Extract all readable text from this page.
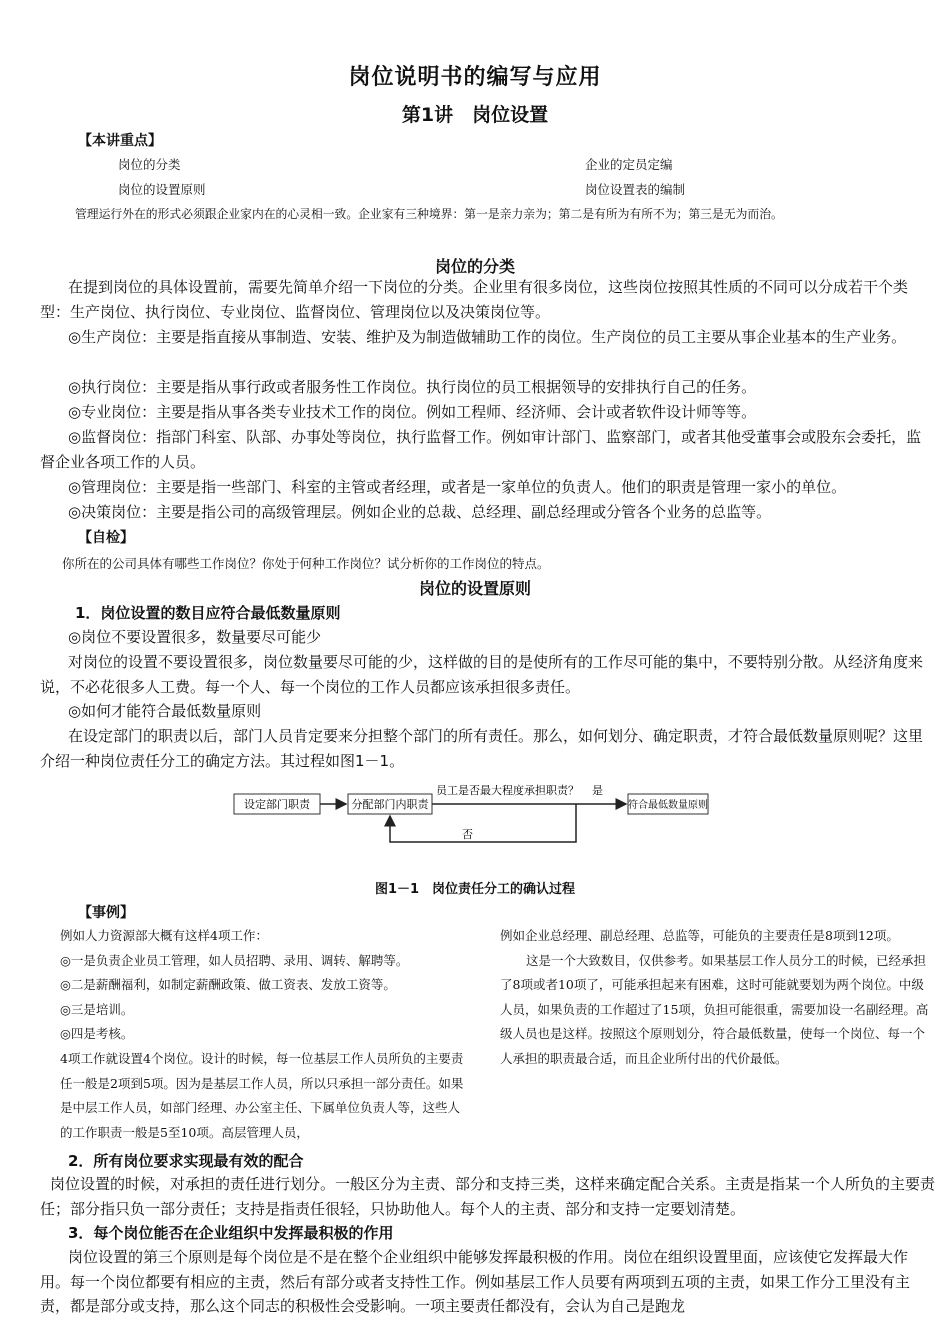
岗位说明书的编写与应用
第1讲　岗位设置
【本讲重点】
岗位的分类	企业的定员定编
岗位的设置原则	岗位设置表的编制
管理运行外在的形式必须跟企业家内在的心灵相一致。企业家有三种境界：第一是亲力亲为；第二是有所为有所不为；第三是无为而治。
岗位的分类
在提到岗位的具体设置前，需要先简单介绍一下岗位的分类。企业里有很多岗位，这些岗位按照其性质的不同可以分成若干个类型：生产岗位、执行岗位、专业岗位、监督岗位、管理岗位以及决策岗位等。
◎生产岗位：主要是指直接从事制造、安装、维护及为制造做辅助工作的岗位。生产岗位的员工主要从事企业基本的生产业务。
◎执行岗位：主要是指从事行政或者服务性工作岗位。执行岗位的员工根据领导的安排执行自己的任务。
◎专业岗位：主要是指从事各类专业技术工作的岗位。例如工程师、经济师、会计或者软件设计师等等。
◎监督岗位：指部门科室、队部、办事处等岗位，执行监督工作。例如审计部门、监察部门，或者其他受董事会或股东会委托，监督企业各项工作的人员。
◎管理岗位：主要是指一些部门、科室的主管或者经理，或者是一家单位的负责人。他们的职责是管理一家小的单位。
◎决策岗位：主要是指公司的高级管理层。例如企业的总裁、总经理、副总经理或分管各个业务的总监等。
【自检】
你所在的公司具体有哪些工作岗位？你处于何种工作岗位？试分析你的工作岗位的特点。
岗位的设置原则
1．岗位设置的数目应符合最低数量原则
◎岗位不要设置很多，数量要尽可能少
对岗位的设置不要设置很多，岗位数量要尽可能的少，这样做的目的是使所有的工作尽可能的集中，不要特别分散。从经济角度来说，不必花很多人工费。每一个人、每一个岗位的工作人员都应该承担很多责任。
◎如何才能符合最低数量原则
在设定部门的职责以后，部门人员肯定要来分担整个部门的所有责任。那么，如何划分、确定职责，才符合最低数量原则呢？这里介绍一种岗位责任分工的确定方法。其过程如图1－1。
设定部门职责	分配部门内职责
员工是否最大程度承担职责？ 是
符合最低数量原则
否
图1－1　岗位责任分工的确认过程
【事例】
例如人力资源部大概有这样4项工作：
◎一是负责企业员工管理，如人员招聘、录用、调转、解聘等。
◎二是薪酬福利，如制定薪酬政策、做工资表、发放工资等。
◎三是培训。
◎四是考核。
4项工作就设置4个岗位。设计的时候，每一位基层工作人员所负的主要责任一般是2项到5项。因为是基层工作人员，所以只承担一部分责任。如果是中层工作人员，如部门经理、办公室主任、下属单位负责人等，这些人的工作职责一般是5至10项。高层管理人员，
例如企业总经理、副总经理、总监等，可能负的主要责任是8项到12项。
这是一个大致数目，仅供参考。如果基层工作人员分工的时候，已经承担了8项或者10项了，可能承担起来有困难，这时可能就要划为两个岗位。中级人员，如果负责的工作超过了15项，负担可能很重，需要加设一名副经理。高级人员也是这样。按照这个原则划分，符合最低数量，使每一个岗位、每一个人承担的职责最合适，而且企业所付出的代价最低。
2．所有岗位要求实现最有效的配合
岗位设置的时候，对承担的责任进行划分。一般区分为主责、部分和支持三类，这样来确定配合关系。主责是指某一个人所负的主要责任；部分指只负一部分责任；支持是指责任很轻，只协助他人。每个人的主责、部分和支持一定要划清楚。
3．每个岗位能否在企业组织中发挥最积极的作用
岗位设置的第三个原则是每个岗位是不是在整个企业组织中能够发挥最积极的作用。岗位在组织设置里面，应该使它发挥最大作用。每一个岗位都要有相应的主责，然后有部分或者支持性工作。例如基层工作人员要有两项到五项的主责，如果工作分工里没有主责，都是部分或支持，那么这个同志的积极性会受影响。一项主要责任都没有，会认为自己是跑龙
